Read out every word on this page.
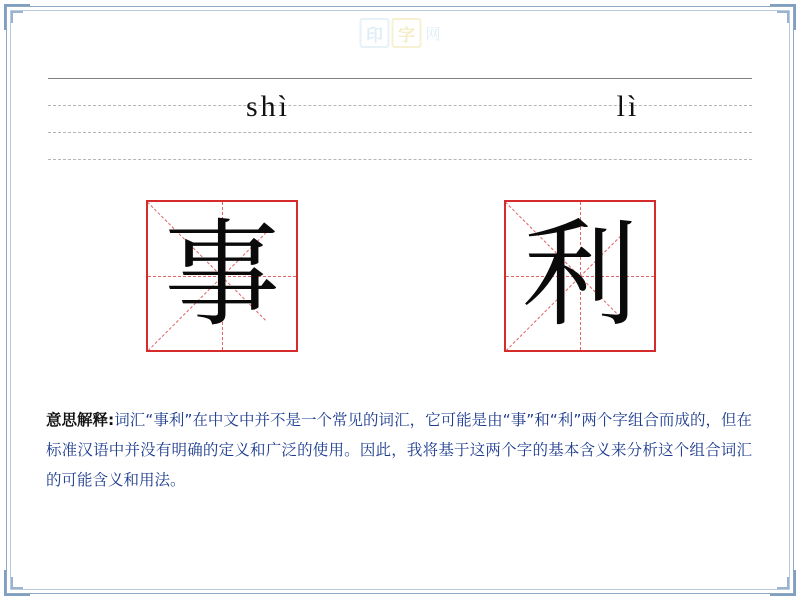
印 字 网
shì	lì
事 利
意思解释:词汇“事利”在中文中并不是一个常见的词汇，它可能是由“事”和“利”两个字组合而成的，但在标准汉语中并没有明确的定义和广泛的使用。因此，我将基于这两个字的基本含义来分析这个组合词汇的可能含义和用法。
